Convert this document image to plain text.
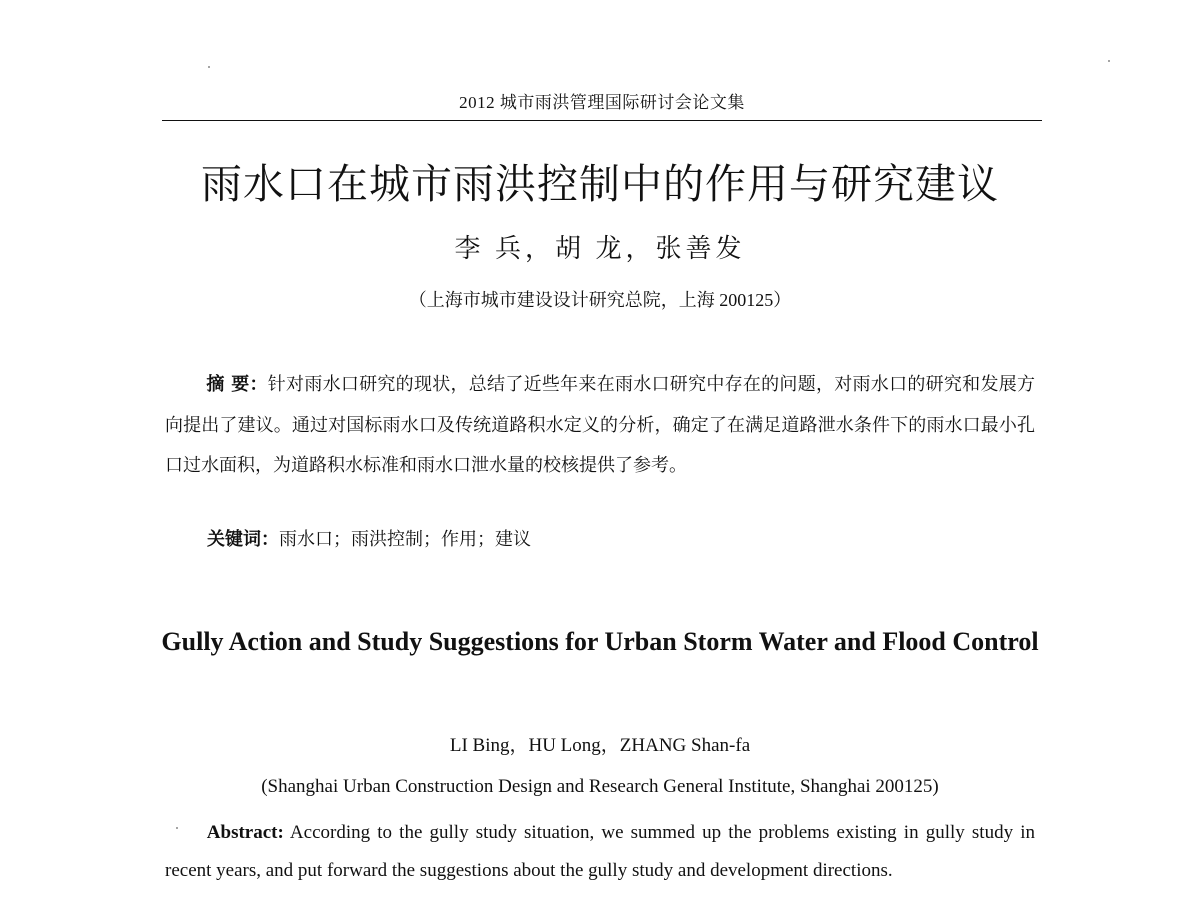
2012 城市雨洪管理国际研讨会论文集
雨水口在城市雨洪控制中的作用与研究建议
李 兵，胡 龙，张善发
（上海市城市建设设计研究总院，上海 200125）

摘 要：针对雨水口研究的现状，总结了近些年来在雨水口研究中存在的问题，对雨水口的研究和发展方向提出了建议。通过对国标雨水口及传统道路积水定义的分析，确定了在满足道路泄水条件下的雨水口最小孔口过水面积，为道路积水标准和雨水口泄水量的校核提供了参考。

关键词：雨水口；雨洪控制；作用；建议

Gully Action and Study Suggestions for Urban Storm Water and Flood Control
LI Bing，HU Long，ZHANG Shan-fa
(Shanghai Urban Construction Design and Research General Institute, Shanghai 200125)

Abstract: According to the gully study situation, we summed up the problems existing in gully study in recent years, and put forward the suggestions about the gully study and development directions.
